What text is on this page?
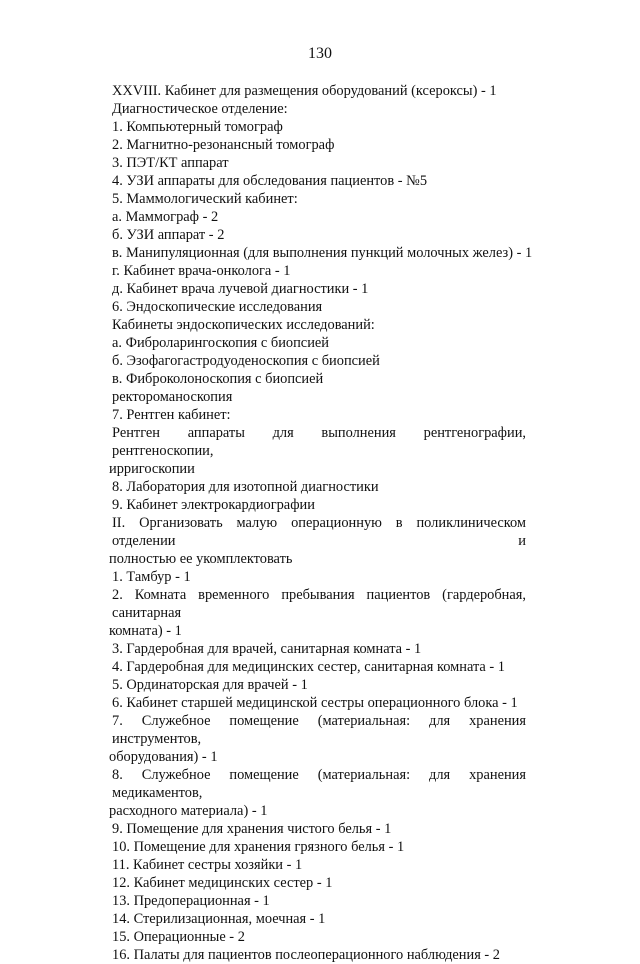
130

XXVIII. Кабинет для размещения оборудований (ксероксы) - 1

Диагностическое отделение:

1. Компьютерный томограф

2. Магнитно-резонансный томограф

3. ПЭТ/КТ аппарат

4. УЗИ аппараты для обследования пациентов - №5

5. Маммологический кабинет:

а. Маммограф - 2

б. УЗИ аппарат - 2

в. Манипуляционная (для выполнения пункций молочных желез) - 1

г. Кабинет врача-онколога - 1

д. Кабинет врача лучевой диагностики - 1

6. Эндоскопические исследования

Кабинеты эндоскопических исследований:

а. Фиброларингоскопия с биопсией

б. Эзофагогастродуоденоскопия с биопсией

в. Фиброколоноскопия с биопсией

ректороманоскопия

7. Рентген кабинет:

Рентген аппараты для выполнения рентгенографии, рентгеноскопии,
ирригоскопии

8. Лаборатория для изотопной диагностики

9. Кабинет электрокардиографии

II. Организовать малую операционную в поликлиническом отделении и
полностью ее укомплектовать

1. Тамбур - 1

2. Комната временного пребывания пациентов (гардеробная, санитарная
комната) - 1

3. Гардеробная для врачей, санитарная комната - 1

4. Гардеробная для медицинских сестер, санитарная комната - 1

5. Ординаторская для врачей - 1

6. Кабинет старшей медицинской сестры операционного блока - 1

7. Служебное помещение (материальная: для хранения инструментов,
оборудования) - 1
8. Служебное помещение (материальная: для хранения медикаментов,
расходного материала) - 1

9. Помещение для хранения чистого белья - 1

10. Помещение для хранения грязного белья - 1

11. Кабинет сестры хозяйки - 1

12. Кабинет медицинских сестер - 1

13. Предоперационная - 1

14. Стерилизационная, моечная - 1

15. Операционные - 2

16. Палаты для пациентов послеоперационного наблюдения - 2
